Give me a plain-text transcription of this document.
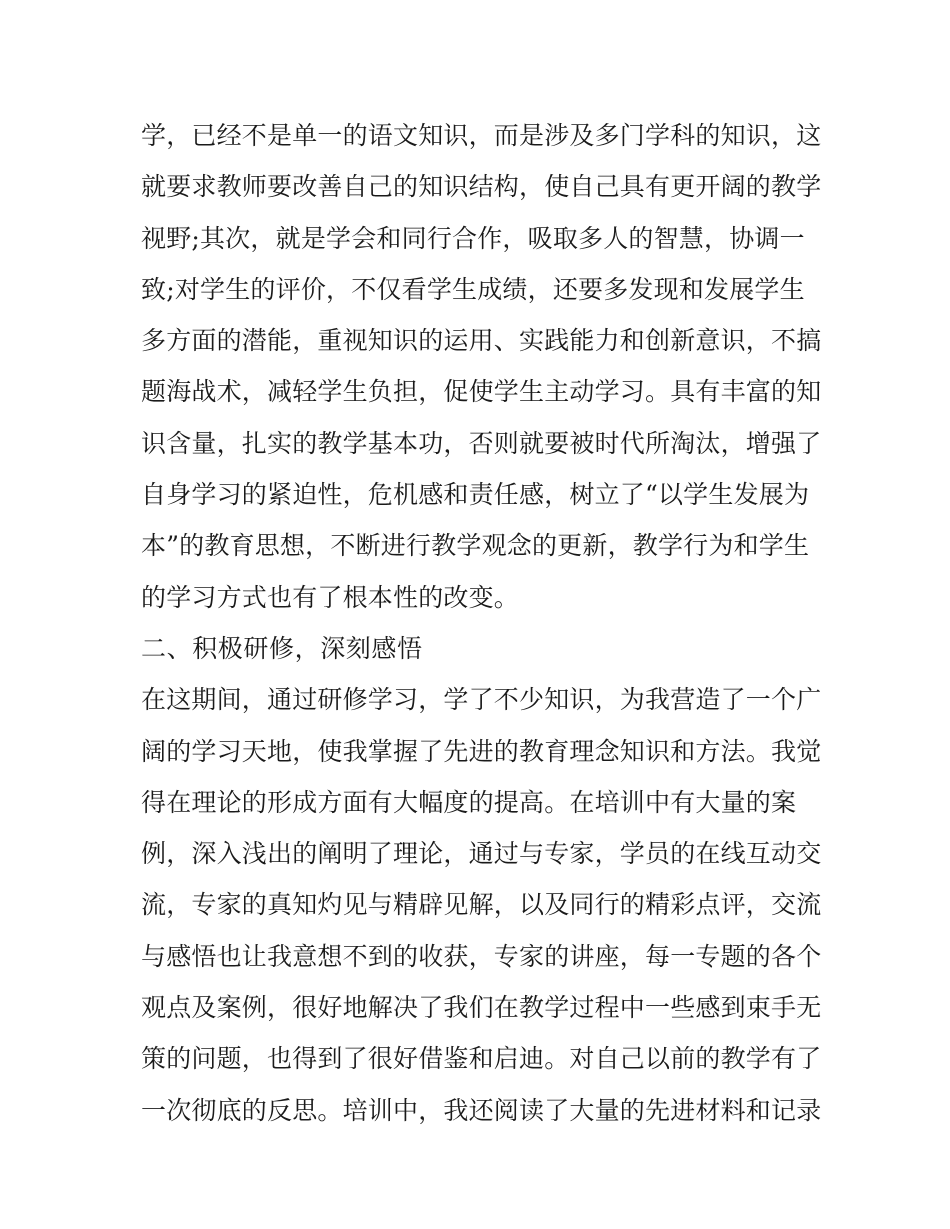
学，已经不是单一的语文知识，而是涉及多门学科的知识，这
就要求教师要改善自己的知识结构，使自己具有更开阔的教学
视野;其次，就是学会和同行合作，吸取多人的智慧，协调一
致;对学生的评价，不仅看学生成绩，还要多发现和发展学生
多方面的潜能，重视知识的运用、实践能力和创新意识，不搞
题海战术，减轻学生负担，促使学生主动学习。具有丰富的知
识含量，扎实的教学基本功，否则就要被时代所淘汰，增强了
自身学习的紧迫性，危机感和责任感，树立了“以学生发展为
本”的教育思想，不断进行教学观念的更新，教学行为和学生
的学习方式也有了根本性的改变。
二、积极研修，深刻感悟
在这期间，通过研修学习，学了不少知识，为我营造了一个广
阔的学习天地，使我掌握了先进的教育理念知识和方法。我觉
得在理论的形成方面有大幅度的提高。在培训中有大量的案
例，深入浅出的阐明了理论，通过与专家，学员的在线互动交
流，专家的真知灼见与精辟见解，以及同行的精彩点评，交流
与感悟也让我意想不到的收获，专家的讲座，每一专题的各个
观点及案例，很好地解决了我们在教学过程中一些感到束手无
策的问题，也得到了很好借鉴和启迪。对自己以前的教学有了
一次彻底的反思。培训中，我还阅读了大量的先进材料和记录
